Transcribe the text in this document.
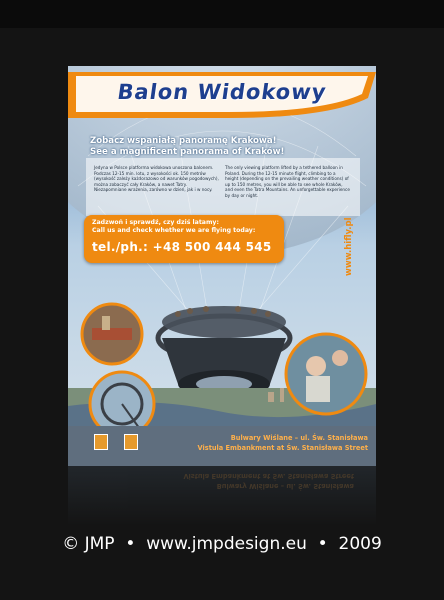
Balon Widokowy
Zobacz wspaniałą panoramę Krakowa!
See a magnificent panorama of Kraków!
Jedyna w Polsce platforma widokowa unoszona balonem. Podczas 12-15 min. lotu, z wysokości ok. 150 metrów (wysokość zależy każdorazowo od warunków pogodowych), można zobaczyć cały Kraków, a nawet Tatry. Niezapomniane wrażenia, zarówno w dzień, jak i w nocy.
The only viewing platform lifted by a tethered balloon in Poland. During the 12-15 minute flight, climbing to a height (depending on the prevailing weather conditions) of up to 150 metres, you will be able to see whole Kraków, and even the Tatra Mountains. An unforgettable experience by day or night.
Zadzwoń i sprawdź, czy dziś latamy:
Call us and check whether we are flying today:
tel./ph.: +48 500 444 545	www.hifly.pl
Bulwary Wiślane – ul. Św. Stanisława
Vistula Embankment at Św. Stanisława Street
Vistula Embankment at Św. Stanisława Street
Bulwary Wiślane – ul. Św. Stanisława
© JMP  •  www.jmpdesign.eu  •  2009
